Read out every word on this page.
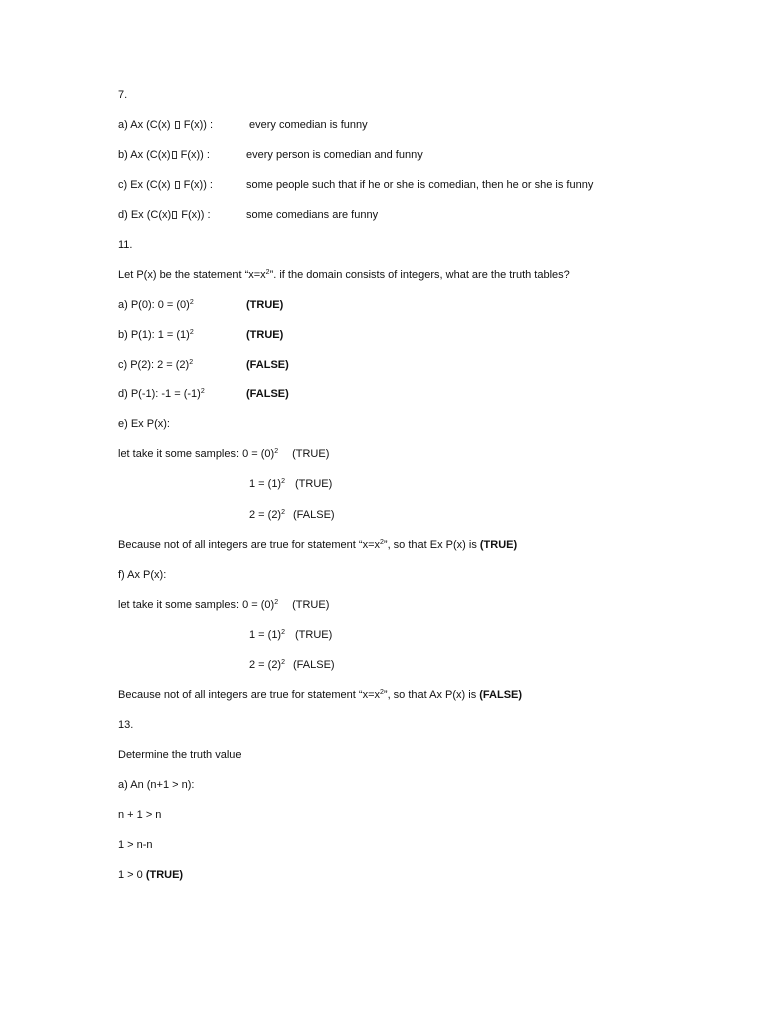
7.
a) Ax (C(x) F(x)) :	every comedian is funny
b) Ax (C(x) F(x)) :	every person is comedian and funny
c) Ex (C(x)  F(x)) :	some people such that if he or she is comedian, then he or she is funny
d) Ex (C(x) F(x)) :	some comedians are funny
11.
Let P(x) be the statement “$x=x^2$”. if the domain consists of integers, what are the truth tables?
a) P(0): $0 = (0)^2$	(TRUE)
b) P(1): $1 = (1)^2$	(TRUE)
c) P(2): $2 = (2)^2$	(FALSE)
d) P(-1): $-1 = (-1)^2$	(FALSE)
e) Ex P(x):
let take it some samples: $0 = (0)^2$ (TRUE)
$1 = (1)^2$ (TRUE)
$2 = (2)^2$ (FALSE)
Because not of all integers are true for statement “$x=x^2$”, so that Ex P(x) is (TRUE)
f) Ax P(x):
let take it some samples: $0 = (0)^2$ (TRUE)
$1 = (1)^2$ (TRUE)
$2 = (2)^2$ (FALSE)
Because not of all integers are true for statement “$x=x^2$”, so that Ax P(x) is (FALSE)
13.
Determine the truth value
a) An (n+1 > n):
n + 1 > n
1 > n-n
1 > 0 (TRUE)
